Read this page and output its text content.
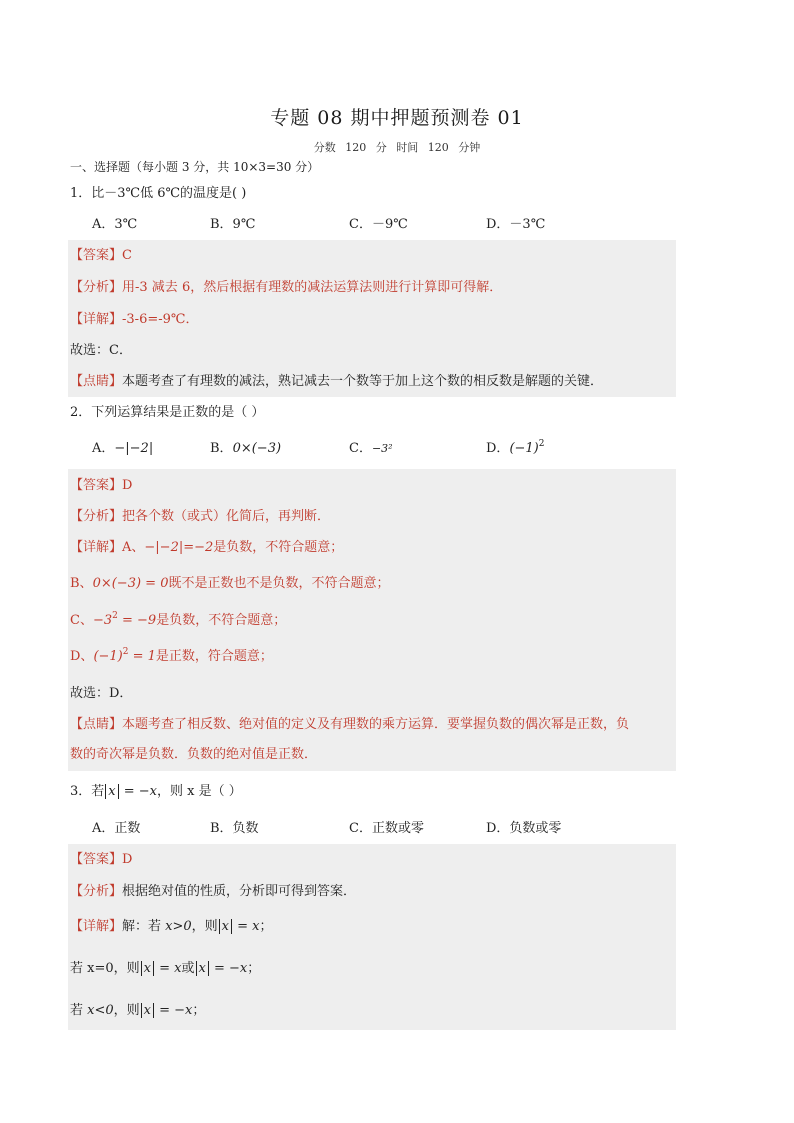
专题 08 期中押题预测卷 01
分数 120 分 时间 120 分钟
一、选择题（每小题 3 分，共 10×3=30 分）
1．比－3℃低 6℃的温度是( )
A．3℃	B．9℃	C．－9℃	D．－3℃
【答案】C
【分析】用-3 减去 6，然后根据有理数的减法运算法则进行计算即可得解．
【详解】-3-6=-9℃．
故选：C．
【点睛】本题考查了有理数的减法，熟记减去一个数等于加上这个数的相反数是解题的关键．
2．下列运算结果是正数的是（ ）
A．−|−2|	B．0×(−3)	C．−3²	D．$(-1)^2$
【答案】D
【分析】把各个数（或式）化简后，再判断．
【详解】A、−|−2|=−2是负数，不符合题意；
B、0×(−3) = 0既不是正数也不是负数，不符合题意；
C、$-3^2 = -9$是负数，不符合题意；
D、$(-1)^2 = 1$是正数，符合题意；
故选：D．
【点睛】本题考查了相反数、绝对值的定义及有理数的乘方运算．要掌握负数的偶次幂是正数，负
数的奇次幂是负数．负数的绝对值是正数．
3．若 x = −x，则 x 是（ ）
A．正数	B．负数	C．正数或零	D．负数或零
【答案】D
【分析】根据绝对值的性质，分析即可得到答案．
【详解】解：若 x>0，则 x = x；
若 x=0，则 x = x或 x = −x；
若 x<0，则 x = −x；
